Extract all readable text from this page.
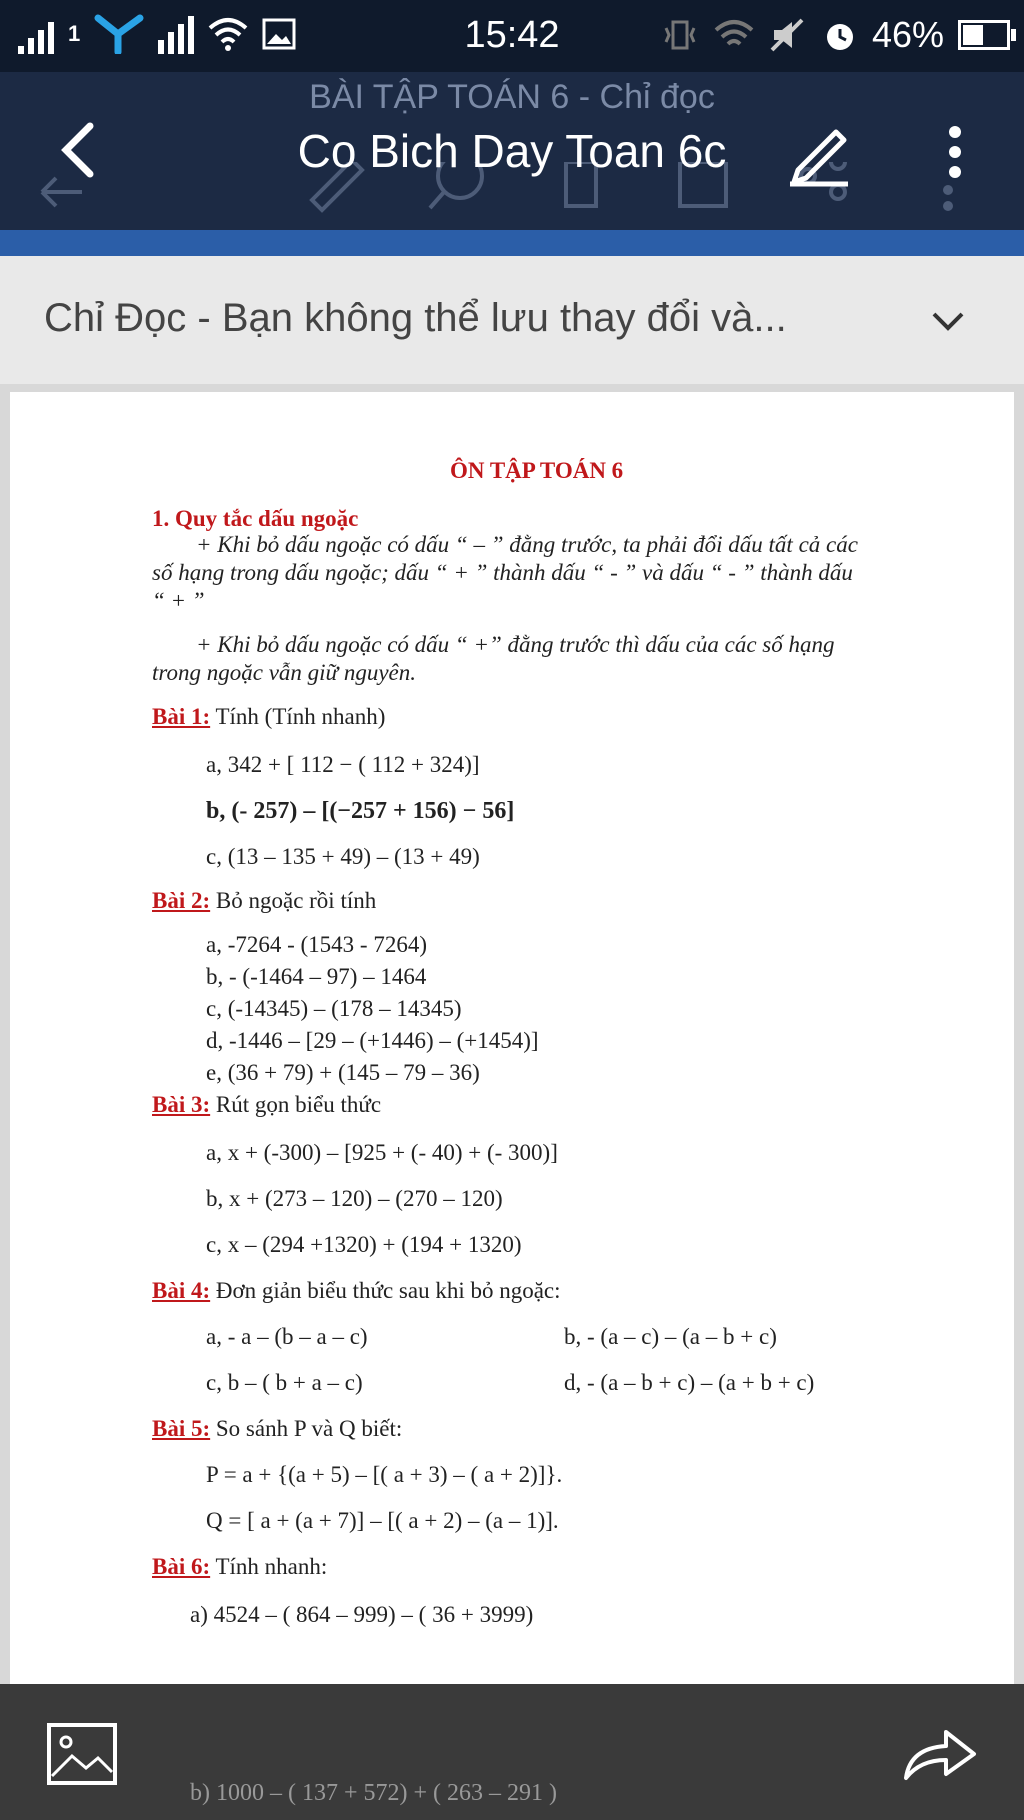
1	15:42	46%
BÀI TẬP TOÁN 6 - Chỉ đọc
Co Bich Day Toan 6c
Chỉ Đọc - Bạn không thể lưu thay đổi và...
ÔN TẬP TOÁN 6
1. Quy tắc dấu ngoặc
+ Khi bỏ dấu ngoặc có dấu “ – ” đằng trước, ta phải đổi dấu tất cả các
số hạng trong dấu ngoặc; dấu “ + ” thành dấu “ - ” và dấu “ - ” thành dấu
“ + ”
+ Khi bỏ dấu ngoặc có dấu “ +” đằng trước thì dấu của các số hạng
trong ngoặc vẫn giữ nguyên.
Bài 1: Tính (Tính nhanh)
a, 342 + [ 112 − ( 112 + 324)]
b, (- 257) – [(−257 + 156) − 56]
c, (13 – 135 + 49) – (13 + 49)
Bài 2: Bỏ ngoặc rồi tính
a, -7264 - (1543 - 7264)
b, - (-1464 – 97) – 1464
c, (-14345) – (178 – 14345)
d, -1446 – [29 – (+1446) – (+1454)]
e, (36 + 79) + (145 – 79 – 36)
Bài 3: Rút gọn biểu thức
a, x + (-300) – [925 + (- 40) + (- 300)]
b, x + (273 – 120) – (270 – 120)
c, x – (294 +1320) + (194 + 1320)
Bài 4: Đơn giản biểu thức sau khi bỏ ngoặc:
a, - a – (b – a – c)	b, - (a – c) – (a – b + c)
c, b – ( b + a – c)	d, - (a – b + c) – (a + b + c)
Bài 5: So sánh P và Q biết:
P = a + {(a + 5) – [( a + 3) – ( a + 2)]}.
Q = [ a + (a + 7)] – [( a + 2) – (a – 1)].
Bài 6: Tính nhanh:
a) 4524 – ( 864 – 999) – ( 36 + 3999)
b) 1000 – ( 137 + 572) + ( 263 – 291 )
